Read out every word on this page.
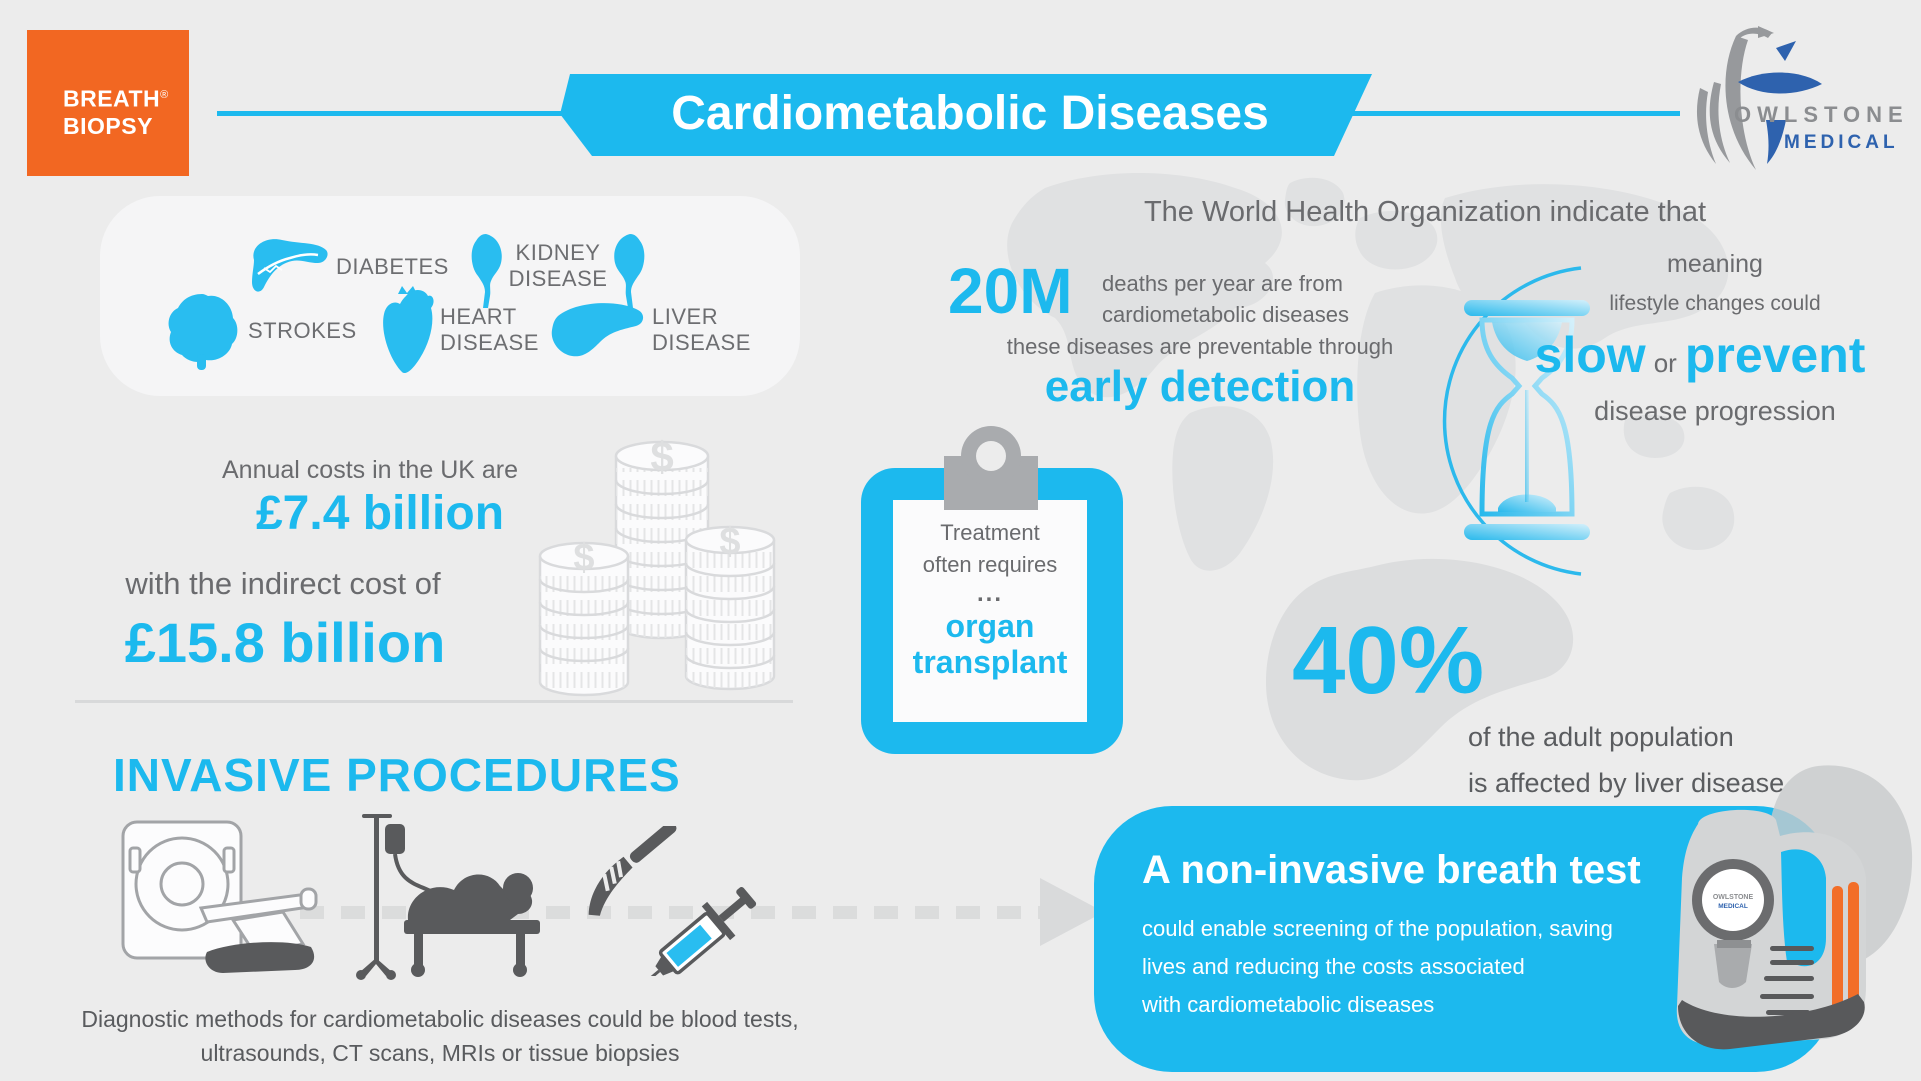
BREATH®
BIOPSY	Cardiometabolic Diseases	OWLSTONE
MEDICAL
DIABETES
KIDNEY DISEASE
STROKES
HEART DISEASE
LIVER DISEASE
The World Health Organization indicate that
20M deaths per year are from
cardiometabolic diseases
these diseases are preventable through
early detection
meaning
lifestyle changes could
slow or prevent
disease progression
Annual costs in the UK are
£7.4 billion
with the indirect cost of
£15.8 billion
$
$	$	Treatment
often requires
...
organ
transplant 40%
of the adult population
is affected by liver disease
INVASIVE PROCEDURES
Diagnostic methods for cardiometabolic diseases could be blood tests,
ultrasounds, CT scans, MRIs or tissue biopsies
A non-invasive breath test
could enable screening of the population, saving
lives and reducing the costs associated
with cardiometabolic diseases
OWLSTONE
MEDICAL
